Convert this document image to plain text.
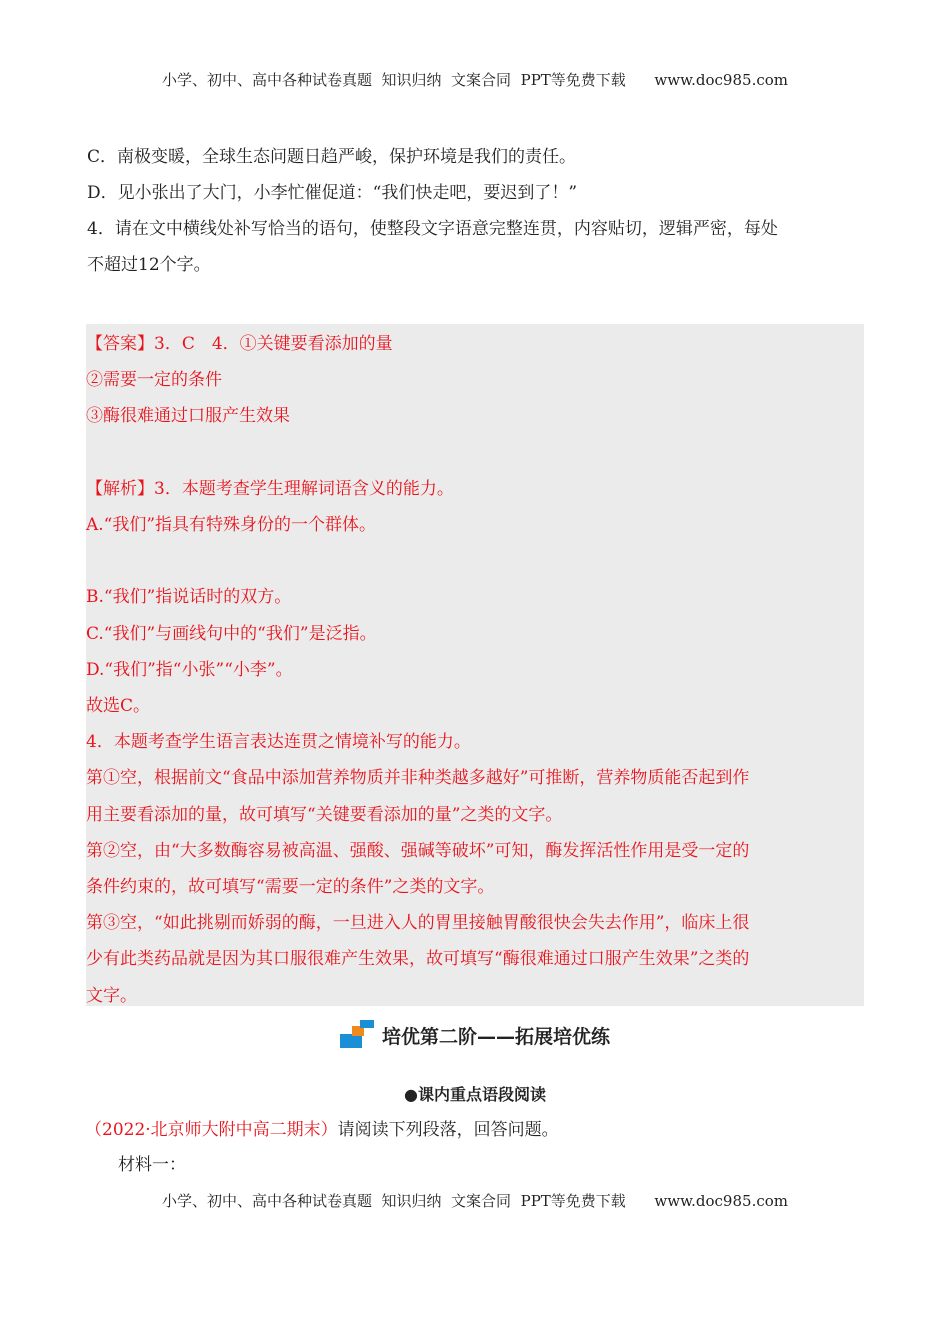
小学、初中、高中各种试卷真题  知识归纳  文案合同  PPT等免费下载      www.doc985.com

C．南极变暖，全球生态问题日趋严峻，保护环境是我们的责任。

D．见小张出了大门，小李忙催促道：“我们快走吧，要迟到了！”

4．请在文中横线处补写恰当的语句，使整段文字语意完整连贯，内容贴切，逻辑严密，每处

不超过12个字。

【答案】3．C　4．①关键要看添加的量

②需要一定的条件

③酶很难通过口服产生效果

【解析】3．本题考查学生理解词语含义的能力。

A.“我们”指具有特殊身份的一个群体。

B.“我们”指说话时的双方。

C.“我们”与画线句中的“我们”是泛指。

D.“我们”指“小张”“小李”。

故选C。

4．本题考查学生语言表达连贯之情境补写的能力。

第①空，根据前文“食品中添加营养物质并非种类越多越好”可推断，营养物质能否起到作

用主要看添加的量，故可填写“关键要看添加的量”之类的文字。

第②空，由“大多数酶容易被高温、强酸、强碱等破坏”可知，酶发挥活性作用是受一定的

条件约束的，故可填写“需要一定的条件”之类的文字。

第③空，“如此挑剔而娇弱的酶，一旦进入人的胃里接触胃酸很快会失去作用”，临床上很

少有此类药品就是因为其口服很难产生效果，故可填写“酶很难通过口服产生效果”之类的

文字。

培优第二阶——拓展培优练
●课内重点语段阅读
（2022·北京师大附中高二期末）请阅读下列段落，回答问题。
材料一：
小学、初中、高中各种试卷真题  知识归纳  文案合同  PPT等免费下载      www.doc985.com
